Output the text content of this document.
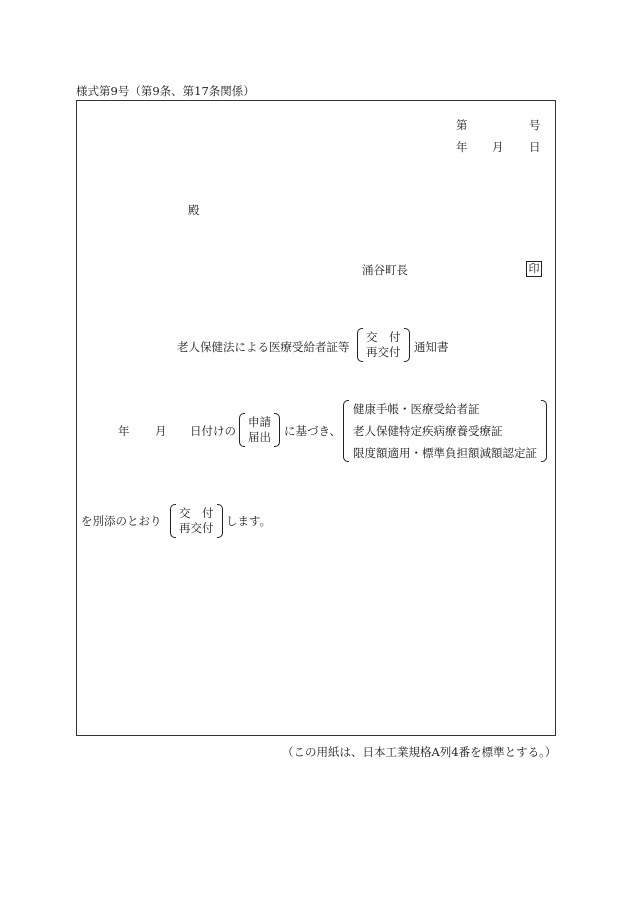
様式第9号（第9条、第17条関係）
第	号
年 月 日
殿
涌谷町長	印
老人保健法による医療受給者証等
交　付
再交付 通知書
年 月 日付けの
申請
届出 に基づき、
健康手帳・医療受給者証
老人保健特定疾病療養受療証
限度額適用・標準負担額減額認定証
を別添のとおり
交　付
再交付 します。
（この用紙は、日本工業規格A列4番を標準とする。）
